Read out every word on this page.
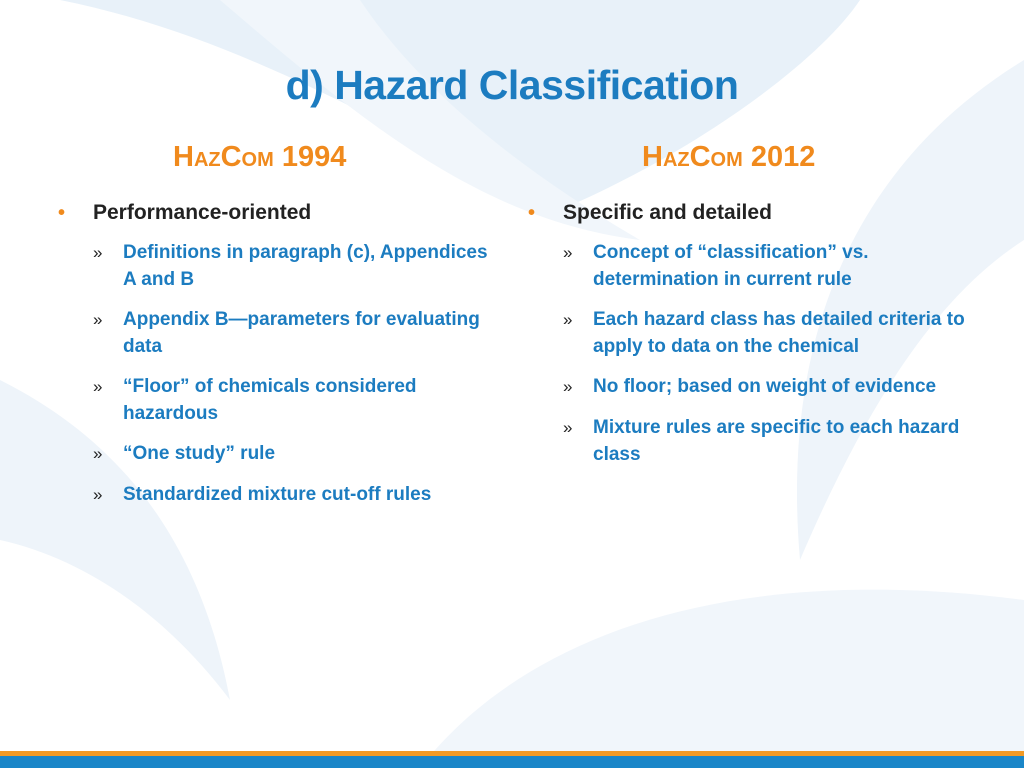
d) Hazard Classification
HazCom 1994	HazCom 2012
•	Performance-oriented
»	Definitions in paragraph (c), Appendices A and B
»	Appendix B—parameters for evaluating data
»	“Floor” of chemicals considered hazardous
»	“One study” rule
»	Standardized mixture cut-off rules
•	Specific and detailed
»	Concept of “classification” vs. determination in current rule
»	Each hazard class has detailed criteria to apply to data on the chemical
»	No floor; based on weight of evidence
»	Mixture rules are specific to each hazard class
